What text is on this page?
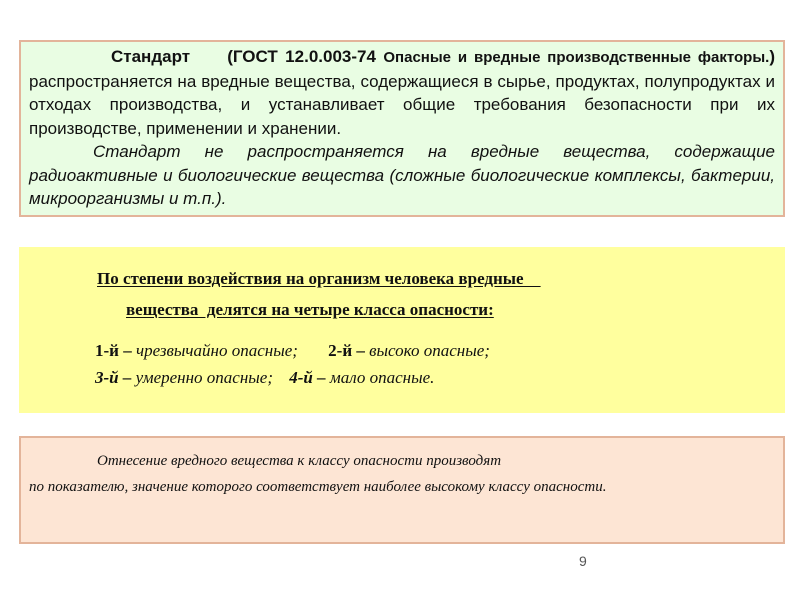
Стандарт (ГОСТ 12.0.003-74 Опасные и вредные производственные факторы.) распространяется на вредные вещества, содержащиеся в сырье, продуктах, полупродуктах и отходах производства, и устанавливает общие требования безопасности при их производстве, применении и хранении.

Стандарт не распространяется на вредные вещества, содержащие радиоактивные и биологические вещества (сложные биологические комплексы, бактерии, микроорганизмы и т.п.).

По степени воздействия на организм человека вредные
вещества  делятся на четыре класса опасности:
1-й – чрезвычайно опасные; 2-й – высоко опасные;
3-й – умеренно опасные; 4-й – мало опасные.

Отнесение вредного вещества к классу опасности производят

по показателю, значение которого соответствует наиболее высокому классу опасности.

9
